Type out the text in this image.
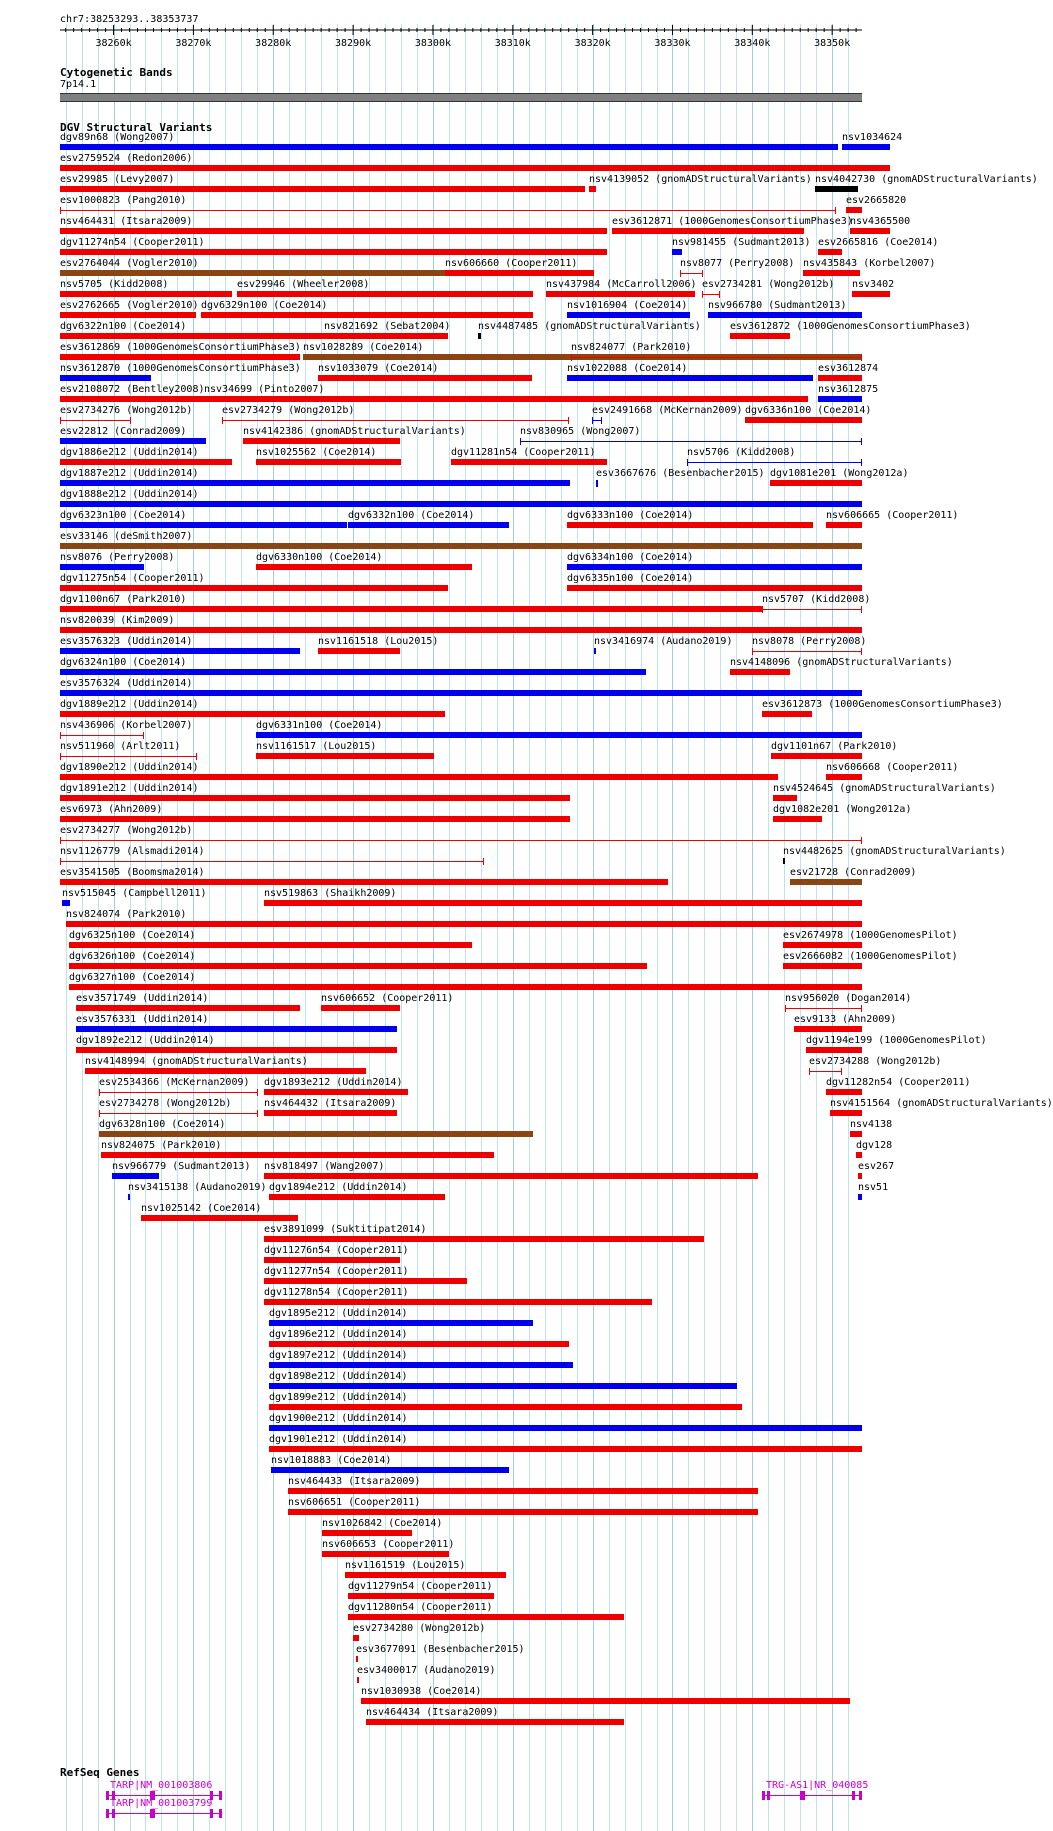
chr7:38253293..38353737
38260k	38270k	38280k	38290k	38300k	38310k	38320k	38330k	38340k	38350k
Cytogenetic Bands
7p14.1
DGV Structural Variants
dgv89n68 (Wong2007)	nsv1034624
esv2759524 (Redon2006)
esv29985 (Levy2007)	nsv4139052 (gnomADStructuralVariants) nsv4042730 (gnomADStructuralVariants)
esv1000823 (Pang2010)	esv2665820
nsv464431 (Itsara2009)	esv3612871 (1000GenomesConsortiumPhase3)
nsv4365500
dgv11274n54 (Cooper2011)	nsv981455 (Sudmant2013) esv2665816 (Coe2014)
esv2764044 (Vogler2010)	nsv606660 (Cooper2011)	nsv8077 (Perry2008) nsv435843 (Korbel2007)
nsv5705 (Kidd2008)	esv29946 (Wheeler2008)	nsv437984 (McCarroll2006) esv2734281 (Wong2012b) nsv3402
esv2762665 (Vogler2010) dgv6329n100 (Coe2014)	nsv1016904 (Coe2014) nsv966780 (Sudmant2013)
dgv6322n100 (Coe2014)	nsv821692 (Sebat2004)	nsv4487485 (gnomADStructuralVariants)	esv3612872 (1000GenomesConsortiumPhase3)
esv3612869 (1000GenomesConsortiumPhase3) nsv1028289 (Coe2014)	nsv824077 (Park2010)
nsv3612870 (1000GenomesConsortiumPhase3) nsv1033079 (Coe2014)	nsv1022088 (Coe2014)	esv3612874
esv2108072 (Bentley2008) nsv34699 (Pinto2007)	nsv3612875
esv2734276 (Wong2012b)	esv2734279 (Wong2012b)	esv2491668 (McKernan2009) dgv6336n100 (Coe2014)
esv22812 (Conrad2009)	nsv4142386 (gnomADStructuralVariants)	nsv830965 (Wong2007)
dgv1886e212 (Uddin2014)	nsv1025562 (Coe2014)	dgv11281n54 (Cooper2011)	nsv5706 (Kidd2008)
dgv1887e212 (Uddin2014)	esv3667676 (Besenbacher2015) dgv1081e201 (Wong2012a)
dgv1888e212 (Uddin2014)
dgv6323n100 (Coe2014)	dgv6332n100 (Coe2014)	dgv6333n100 (Coe2014)	nsv606665 (Cooper2011)
esv33146 (deSmith2007)
nsv8076 (Perry2008)	dgv6330n100 (Coe2014)	dgv6334n100 (Coe2014)
dgv11275n54 (Cooper2011)	dgv6335n100 (Coe2014)
dgv1100n67 (Park2010)	nsv5707 (Kidd2008)
nsv820039 (Kim2009)
esv3576323 (Uddin2014)	nsv1161518 (Lou2015)	nsv3416974 (Audano2019) nsv8078 (Perry2008)
dgv6324n100 (Coe2014)	nsv4148096 (gnomADStructuralVariants)
esv3576324 (Uddin2014)
dgv1889e212 (Uddin2014)	esv3612873 (1000GenomesConsortiumPhase3)
nsv436906 (Korbel2007)	dgv6331n100 (Coe2014)
nsv511960 (Arlt2011)	nsv1161517 (Lou2015)	dgv1101n67 (Park2010)
dgv1890e212 (Uddin2014)	nsv606668 (Cooper2011)
dgv1891e212 (Uddin2014)	nsv4524645 (gnomADStructuralVariants)
esv6973 (Ahn2009)	dgv1082e201 (Wong2012a)
esv2734277 (Wong2012b)
nsv1126779 (Alsmadi2014)	nsv4482625 (gnomADStructuralVariants)
esv3541505 (Boomsma2014)	esv21728 (Conrad2009)
nsv515045 (Campbell2011)	nsv519863 (Shaikh2009)
nsv824074 (Park2010)
dgv6325n100 (Coe2014)	esv2674978 (1000GenomesPilot)
dgv6326n100 (Coe2014)	esv2666082 (1000GenomesPilot)
dgv6327n100 (Coe2014)
esv3571749 (Uddin2014)	nsv606652 (Cooper2011)	nsv956020 (Dogan2014)
esv3576331 (Uddin2014)	esv9133 (Ahn2009)
dgv1892e212 (Uddin2014)	dgv1194e199 (1000GenomesPilot)
nsv4148994 (gnomADStructuralVariants)	esv2734288 (Wong2012b)
esv2534366 (McKernan2009) dgv1893e212 (Uddin2014)	dgv11282n54 (Cooper2011)
esv2734278 (Wong2012b)	nsv464432 (Itsara2009)	nsv4151564 (gnomADStructuralVariants)
dgv6328n100 (Coe2014)	nsv4138
nsv824075 (Park2010)	dgv128
nsv966779 (Sudmant2013) nsv818497 (Wang2007)	esv267
nsv3415138 (Audano2019) dgv1894e212 (Uddin2014)	nsv51
nsv1025142 (Coe2014)
esv3891099 (Suktitipat2014)
dgv11276n54 (Cooper2011)
dgv11277n54 (Cooper2011)
dgv11278n54 (Cooper2011)
dgv1895e212 (Uddin2014)
dgv1896e212 (Uddin2014)
dgv1897e212 (Uddin2014)
dgv1898e212 (Uddin2014)
dgv1899e212 (Uddin2014)
dgv1900e212 (Uddin2014)
dgv1901e212 (Uddin2014)
nsv1018883 (Coe2014)
nsv464433 (Itsara2009)
nsv606651 (Cooper2011)
nsv1026842 (Coe2014)
nsv606653 (Cooper2011)
nsv1161519 (Lou2015)
dgv11279n54 (Cooper2011)
dgv11280n54 (Cooper2011)
esv2734280 (Wong2012b)
esv3677091 (Besenbacher2015)
esv3400017 (Audano2019)
nsv1030938 (Coe2014)
nsv464434 (Itsara2009)
RefSeq Genes
TARP|NM_001003806
TARP|NM_001003799
TRG-AS1|NR_040085
